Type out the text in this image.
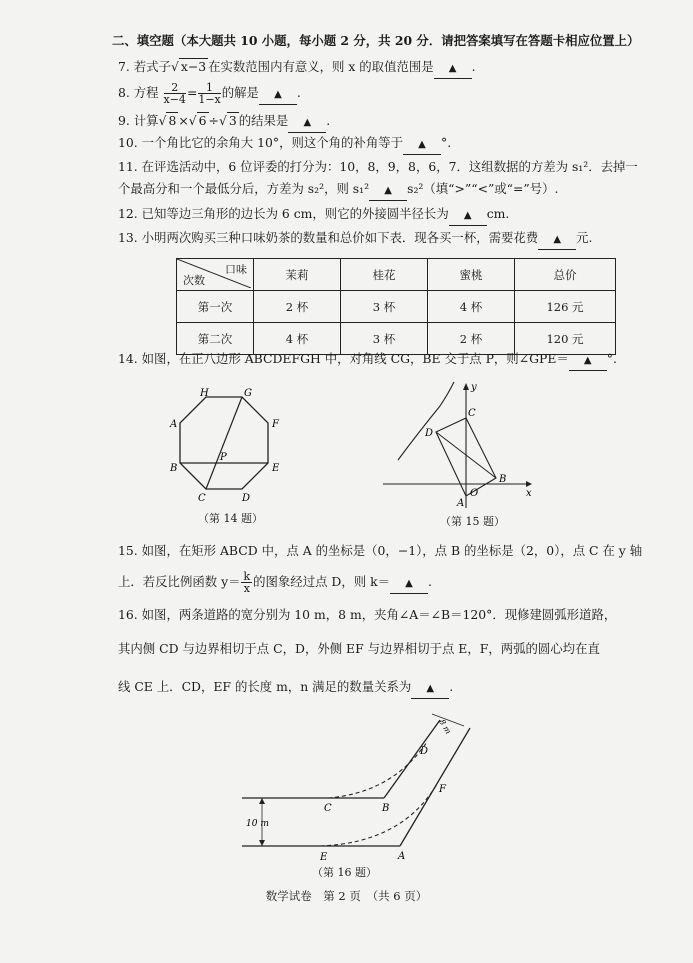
二、填空题（本大题共 10 小题，每小题 2 分，共 20 分．请把答案填写在答题卡相应位置上）
7. 若式子√ x−3 在实数范围内有意义，则 x 的取值范围是 ▲ .
8. 方程 $\frac{2}{x-4} = \frac{1}{1-x}$ 的解是 ▲ .
9. 计算√ 8 ×√ 6 ÷√ 3 的结果是 ▲ .
10. 一个角比它的余角大 10°，则这个角的补角等于 ▲ °.
11. 在评选活动中，6 位评委的打分为：10，8，9，8，6，7．这组数据的方差为 s₁²．去掉一
个最高分和一个最低分后，方差为 s₂²，则 s₁² ▲ s₂²（填“>”“<”或“=”号）.
12. 已知等边三角形的边长为 6 cm，则它的外接圆半径长为 ▲ cm.
13. 小明两次购买三种口味奶茶的数量和总价如下表．现各买一杯，需要花费 ▲ 元.
口味
次数	茉莉	桂花	蜜桃	总价
第一次	2 杯	3 杯	4 杯	126 元
第二次	4 杯	3 杯	2 杯	120 元
14. 如图，在正八边形 ABCDEFGH 中，对角线 CG，BE 交于点 P，则∠GPE＝ ▲ °.
H	G
A	F
B
P
E
C	D
（第 14 题）
y
C
D
B
O
A
x
（第 15 题）
15. 如图，在矩形 ABCD 中，点 A 的坐标是（0，−1），点 B 的坐标是（2，0），点 C 在 y 轴
上．若反比例函数 $y= \frac{k}{x}$ 的图象经过点 D，则 k＝ ▲ .
16. 如图，两条道路的宽分别为 10 m，8 m，夹角∠A＝∠B＝120°．现修建圆弧形道路，
其内侧 CD 与边界相切于点 C，D，外侧 EF 与边界相切于点 E，F，两弧的圆心均在直
线 CE 上．CD，EF 的长度 m，n 满足的数量关系为 ▲ .
10 m
8 m
D
C	B
F
E	A
（第 16 题）
数学试卷　第 2 页　（共 6 页）
